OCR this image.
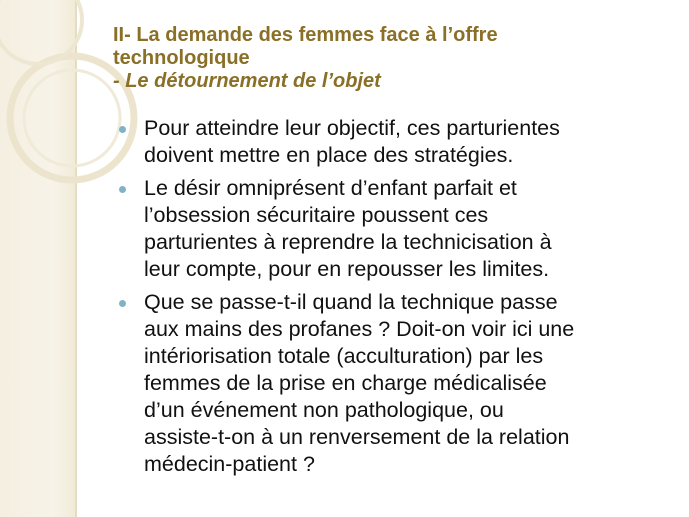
II- La demande des femmes face à l’offre
technologique
- Le détournement de l’objet
Pour atteindre leur objectif, ces parturientes
doivent mettre en place des stratégies.
Le désir omniprésent d’enfant parfait et
l’obsession sécuritaire poussent ces
parturientes à reprendre la technicisation à
leur compte, pour en repousser les limites.
Que se passe-t-il quand la technique passe
aux mains des profanes ? Doit-on voir ici une
intériorisation totale (acculturation) par les
femmes de la prise en charge médicalisée
d’un événement non pathologique, ou
assiste-t-on à un renversement de la relation
médecin-patient ?
